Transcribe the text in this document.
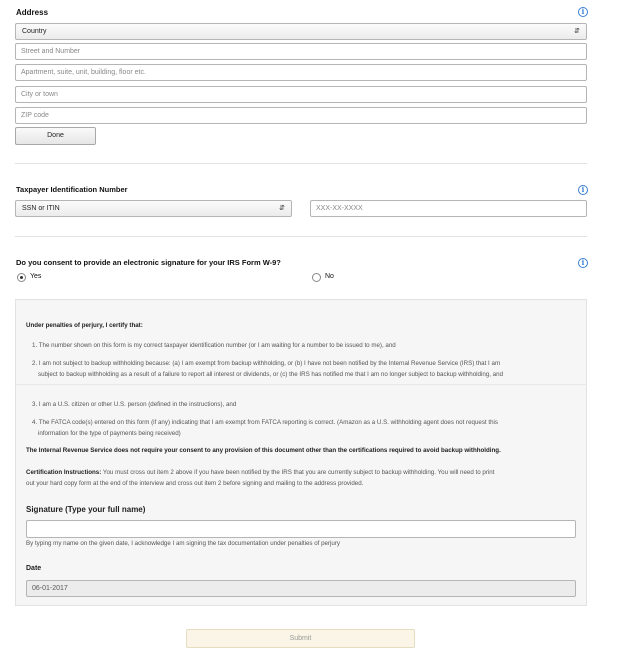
Address	i
Country	⇵
Street and Number
Apartment, suite, unit, building, floor etc.
City or town
ZIP code
Done
Taxpayer Identification Number	i
SSN or ITIN	⇵	XXX-XX-XXXX
Do you consent to provide an electronic signature for your IRS Form W-9?	i
Yes	No
Under penalties of perjury, I certify that:
1. The number shown on this form is my correct taxpayer identification number (or I am waiting for a number to be issued to me), and
2. I am not subject to backup withholding because: (a) I am exempt from backup withholding, or (b) I have not been notified by the Internal Revenue Service (IRS) that I am
subject to backup withholding as a result of a failure to report all interest or dividends, or (c) the IRS has notified me that I am no longer subject to backup withholding, and
3. I am a U.S. citizen or other U.S. person (defined in the instructions), and
4. The FATCA code(s) entered on this form (if any) indicating that I am exempt from FATCA reporting is correct. (Amazon as a U.S. withholding agent does not request this
information for the type of payments being received)
The Internal Revenue Service does not require your consent to any provision of this document other than the certifications required to avoid backup withholding.
Certification Instructions: You must cross out item 2 above if you have been notified by the IRS that you are currently subject to backup withholding. You will need to print
out your hard copy form at the end of the interview and cross out item 2 before signing and mailing to the address provided.
Signature (Type your full name)
By typing my name on the given date, I acknowledge I am signing the tax documentation under penalties of perjury
Date
06-01-2017
Submit
